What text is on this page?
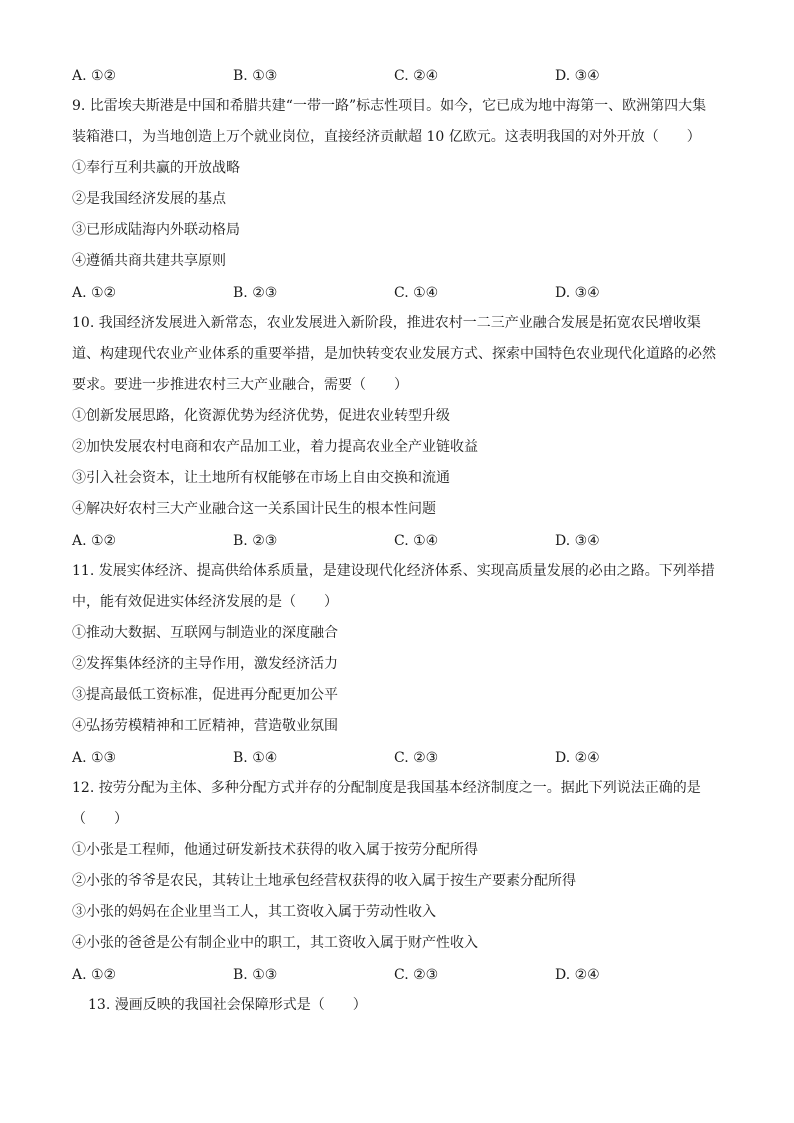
A. ①②	B. ①③	C. ②④	D. ③④
9. 比雷埃夫斯港是中国和希腊共建“一带一路”标志性项目。如今，它已成为地中海第一、欧洲第四大集
装箱港口，为当地创造上万个就业岗位，直接经济贡献超 10 亿欧元。这表明我国的对外开放（　　）
①奉行互利共赢的开放战略
②是我国经济发展的基点
③已形成陆海内外联动格局
④遵循共商共建共享原则
A. ①②	B. ②③	C. ①④	D. ③④
10. 我国经济发展进入新常态，农业发展进入新阶段，推进农村一二三产业融合发展是拓宽农民增收渠
道、构建现代农业产业体系的重要举措，是加快转变农业发展方式、探索中国特色农业现代化道路的必然
要求。要进一步推进农村三大产业融合，需要（　　）
①创新发展思路，化资源优势为经济优势，促进农业转型升级
②加快发展农村电商和农产品加工业，着力提高农业全产业链收益
③引入社会资本，让土地所有权能够在市场上自由交换和流通
④解决好农村三大产业融合这一关系国计民生的根本性问题
A. ①②	B. ②③	C. ①④	D. ③④
11. 发展实体经济、提高供给体系质量，是建设现代化经济体系、实现高质量发展的必由之路。下列举措
中，能有效促进实体经济发展的是（　　）
①推动大数据、互联网与制造业的深度融合
②发挥集体经济的主导作用，激发经济活力
③提高最低工资标准，促进再分配更加公平
④弘扬劳模精神和工匠精神，营造敬业氛围
A. ①③	B. ①④	C. ②③	D. ②④
12. 按劳分配为主体、多种分配方式并存的分配制度是我国基本经济制度之一。据此下列说法正确的是
（　　）
①小张是工程师，他通过研发新技术获得的收入属于按劳分配所得
②小张的爷爷是农民，其转让土地承包经营权获得的收入属于按生产要素分配所得
③小张的妈妈在企业里当工人，其工资收入属于劳动性收入
④小张的爸爸是公有制企业中的职工，其工资收入属于财产性收入
A. ①②	B. ①③	C. ②③	D. ②④
13. 漫画反映的我国社会保障形式是（　　）
